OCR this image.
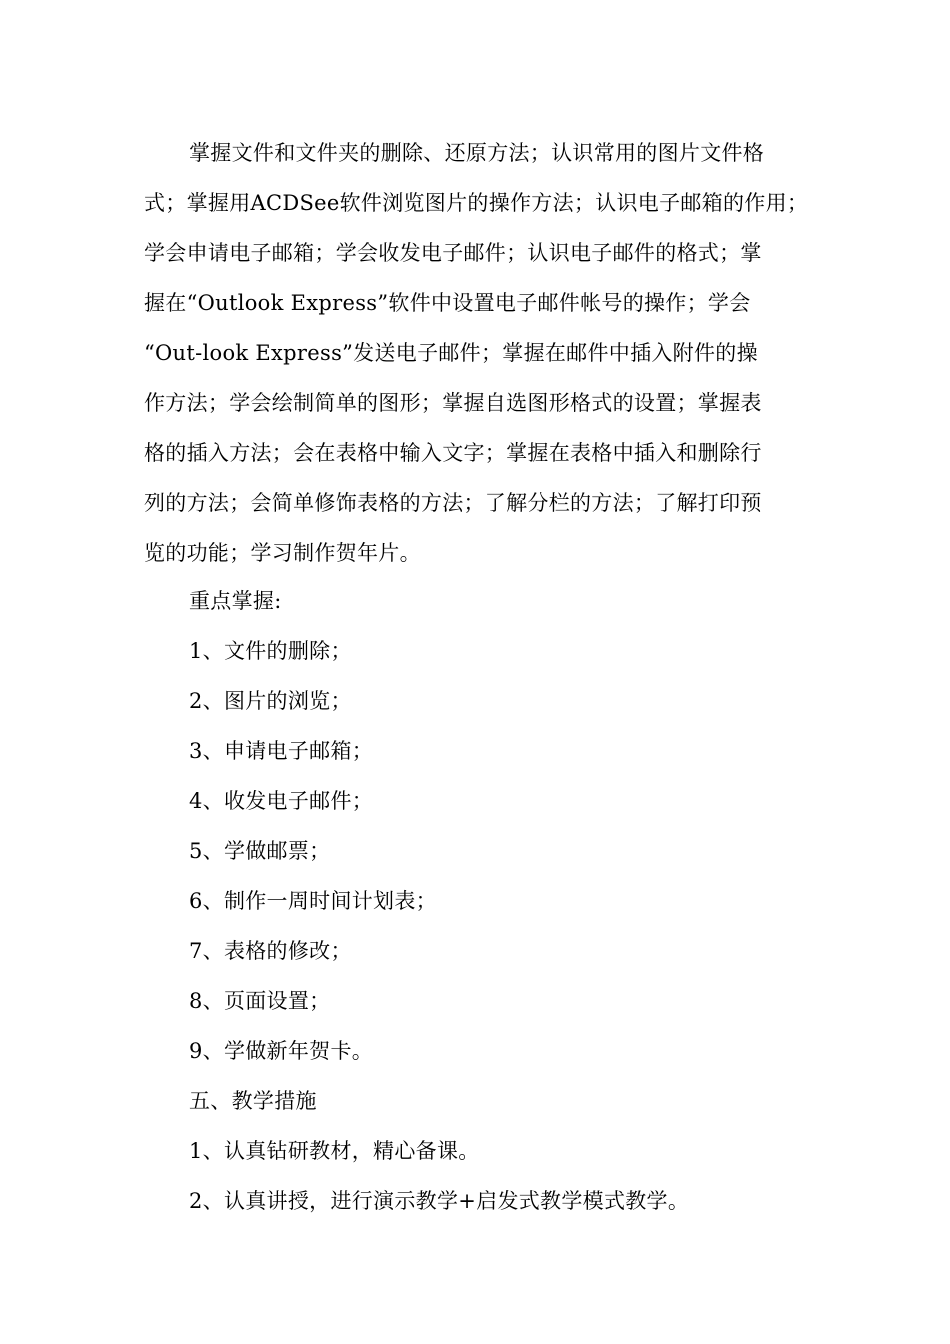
掌握文件和文件夹的删除、还原方法；认识常用的图片文件格
式；掌握用ACDSee软件浏览图片的操作方法；认识电子邮箱的作用；
学会申请电子邮箱；学会收发电子邮件；认识电子邮件的格式；掌
握在“Outlook Express”软件中设置电子邮件帐号的操作；学会
“Out-look Express”发送电子邮件；掌握在邮件中插入附件的操
作方法；学会绘制简单的图形；掌握自选图形格式的设置；掌握表
格的插入方法；会在表格中输入文字；掌握在表格中插入和删除行
列的方法；会简单修饰表格的方法；了解分栏的方法；了解打印预
览的功能；学习制作贺年片。
重点掌握:
1、文件的删除；
2、图片的浏览；
3、申请电子邮箱；
4、收发电子邮件；
5、学做邮票；
6、制作一周时间计划表；
7、表格的修改；
8、页面设置；
9、学做新年贺卡。
五、教学措施
1、认真钻研教材，精心备课。
2、认真讲授，进行演示教学+启发式教学模式教学。
